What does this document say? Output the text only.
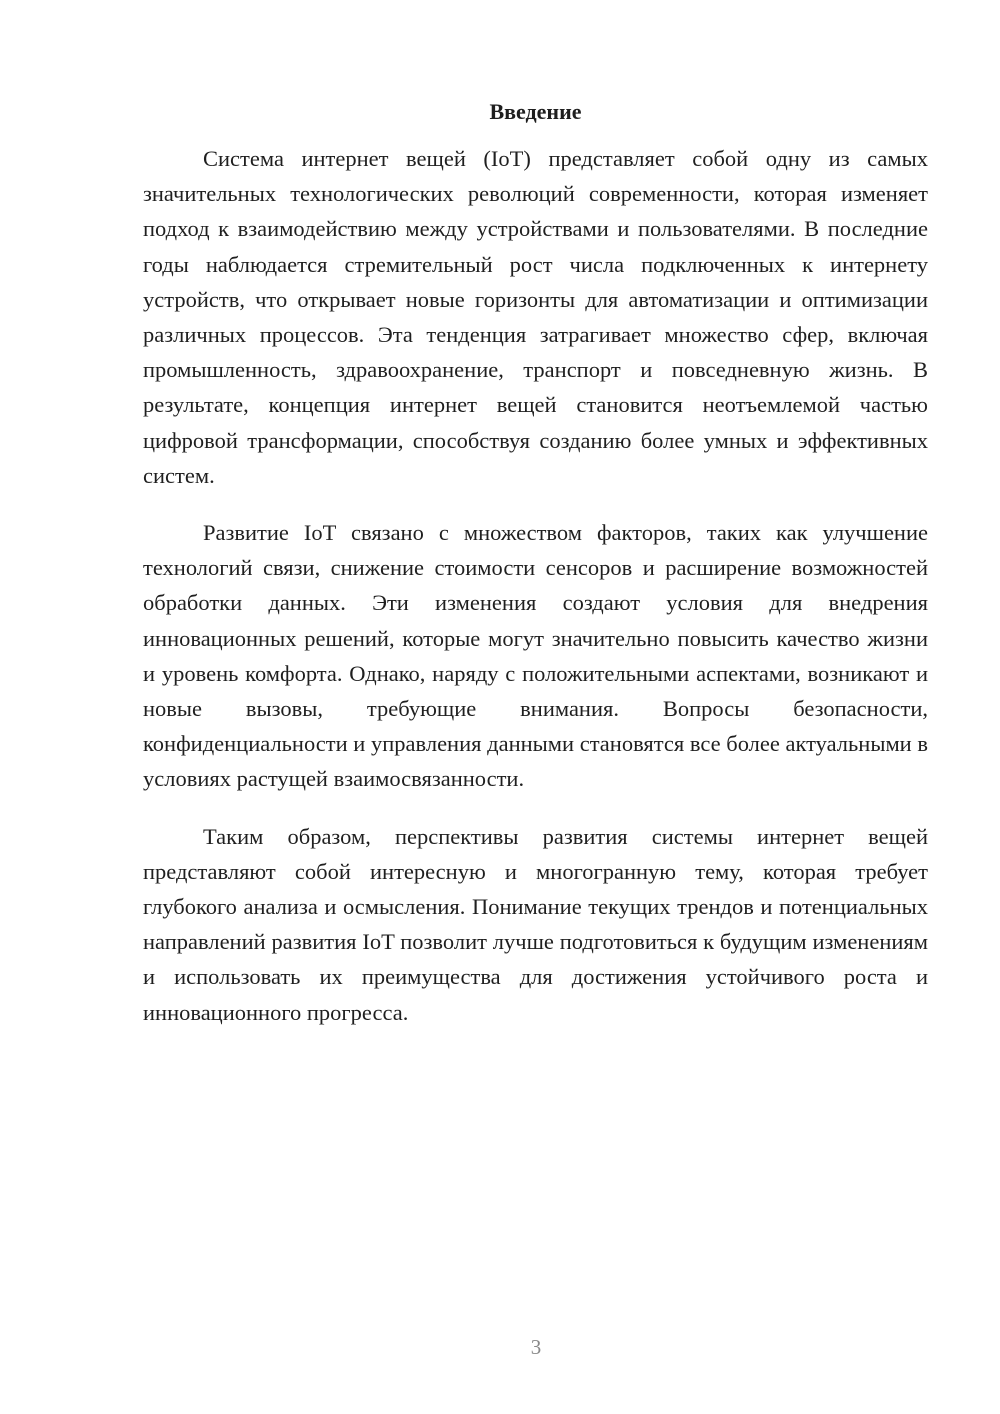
Введение

Система интернет вещей (IoT) представляет собой одну из самых значительных технологических революций современности, которая изменяет подход к взаимодействию между устройствами и пользователями. В последние годы наблюдается стремительный рост числа подключенных к интернету устройств, что открывает новые горизонты для автоматизации и оптимизации различных процессов. Эта тенденция затрагивает множество сфер, включая промышленность, здравоохранение, транспорт и повседневную жизнь. В результате, концепция интернет вещей становится неотъемлемой частью цифровой трансформации, способствуя созданию более умных и эффективных систем.

Развитие IoT связано с множеством факторов, таких как улучшение технологий связи, снижение стоимости сенсоров и расширение возможностей обработки данных. Эти изменения создают условия для внедрения инновационных решений, которые могут значительно повысить качество жизни и уровень комфорта. Однако, наряду с положительными аспектами, возникают и новые вызовы, требующие внимания. Вопросы безопасности, конфиденциальности и управления данными становятся все более актуальными в условиях растущей взаимосвязанности.

Таким образом, перспективы развития системы интернет вещей представляют собой интересную и многогранную тему, которая требует глубокого анализа и осмысления. Понимание текущих трендов и потенциальных направлений развития IoT позволит лучше подготовиться к будущим изменениям и использовать их преимущества для достижения устойчивого роста и инновационного прогресса.

3
